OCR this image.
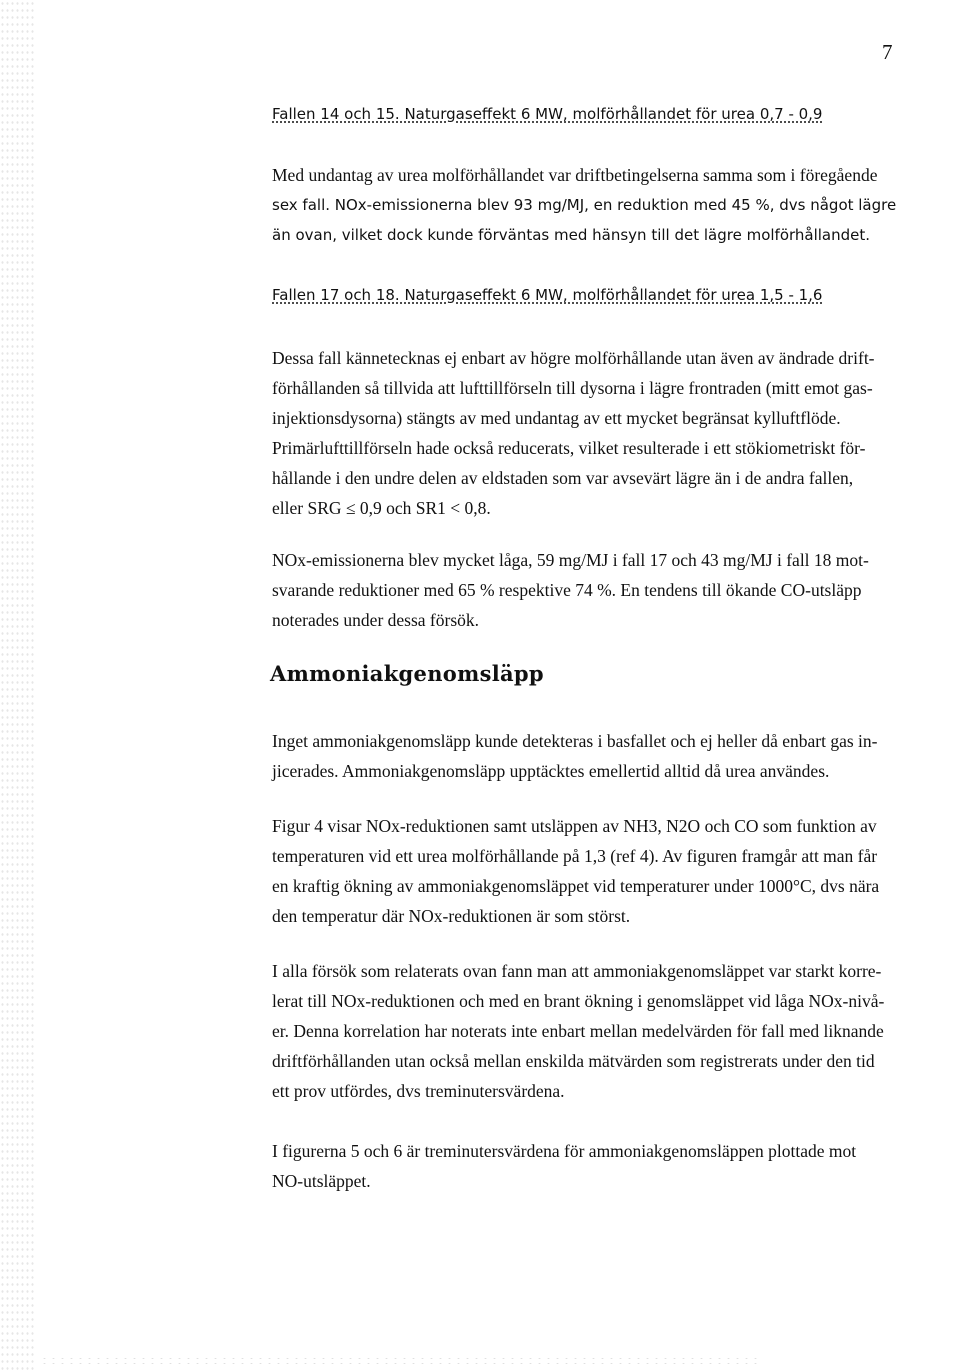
7
Fallen 14 och 15. Naturgaseffekt 6 MW, molförhållandet för urea 0,7 - 0,9

Med undantag av urea molförhållandet var driftbetingelserna samma som i föregående
sex fall. NOx-emissionerna blev 93 mg/MJ, en reduktion med 45 %, dvs något lägre
än ovan, vilket dock kunde förväntas med hänsyn till det lägre molförhållandet.

Fallen 17 och 18. Naturgaseffekt 6 MW, molförhållandet för urea 1,5 - 1,6

Dessa fall kännetecknas ej enbart av högre molförhållande utan även av ändrade drift-
förhållanden så tillvida att lufttillförseln till dysorna i lägre frontraden (mitt emot gas-
injektionsdysorna) stängts av med undantag av ett mycket begränsat kylluftflöde.
Primärlufttillförseln hade också reducerats, vilket resulterade i ett stökiometriskt för-
hållande i den undre delen av eldstaden som var avsevärt lägre än i de andra fallen,
eller SRG ≤ 0,9 och SR1 < 0,8.

NOx-emissionerna blev mycket låga, 59 mg/MJ i fall 17 och 43 mg/MJ i fall 18 mot-
svarande reduktioner med 65 % respektive 74 %. En tendens till ökande CO-utsläpp
noterades under dessa försök.

Ammoniakgenomsläpp

Inget ammoniakgenomsläpp kunde detekteras i basfallet och ej heller då enbart gas in-
jicerades. Ammoniakgenomsläpp upptäcktes emellertid alltid då urea användes.

Figur 4 visar NOx-reduktionen samt utsläppen av NH3, N2O och CO som funktion av
temperaturen vid ett urea molförhållande på 1,3 (ref 4). Av figuren framgår att man får
en kraftig ökning av ammoniakgenomsläppet vid temperaturer under 1000°C, dvs nära
den temperatur där NOx-reduktionen är som störst.

I alla försök som relaterats ovan fann man att ammoniakgenomsläppet var starkt korre-
lerat till NOx-reduktionen och med en brant ökning i genomsläppet vid låga NOx-nivå-
er. Denna korrelation har noterats inte enbart mellan medelvärden för fall med liknande
driftförhållanden utan också mellan enskilda mätvärden som registrerats under den tid
ett prov utfördes, dvs treminutersvärdena.

I figurerna 5 och 6 är treminutersvärdena för ammoniakgenomsläppen plottade mot
NO-utsläppet.
